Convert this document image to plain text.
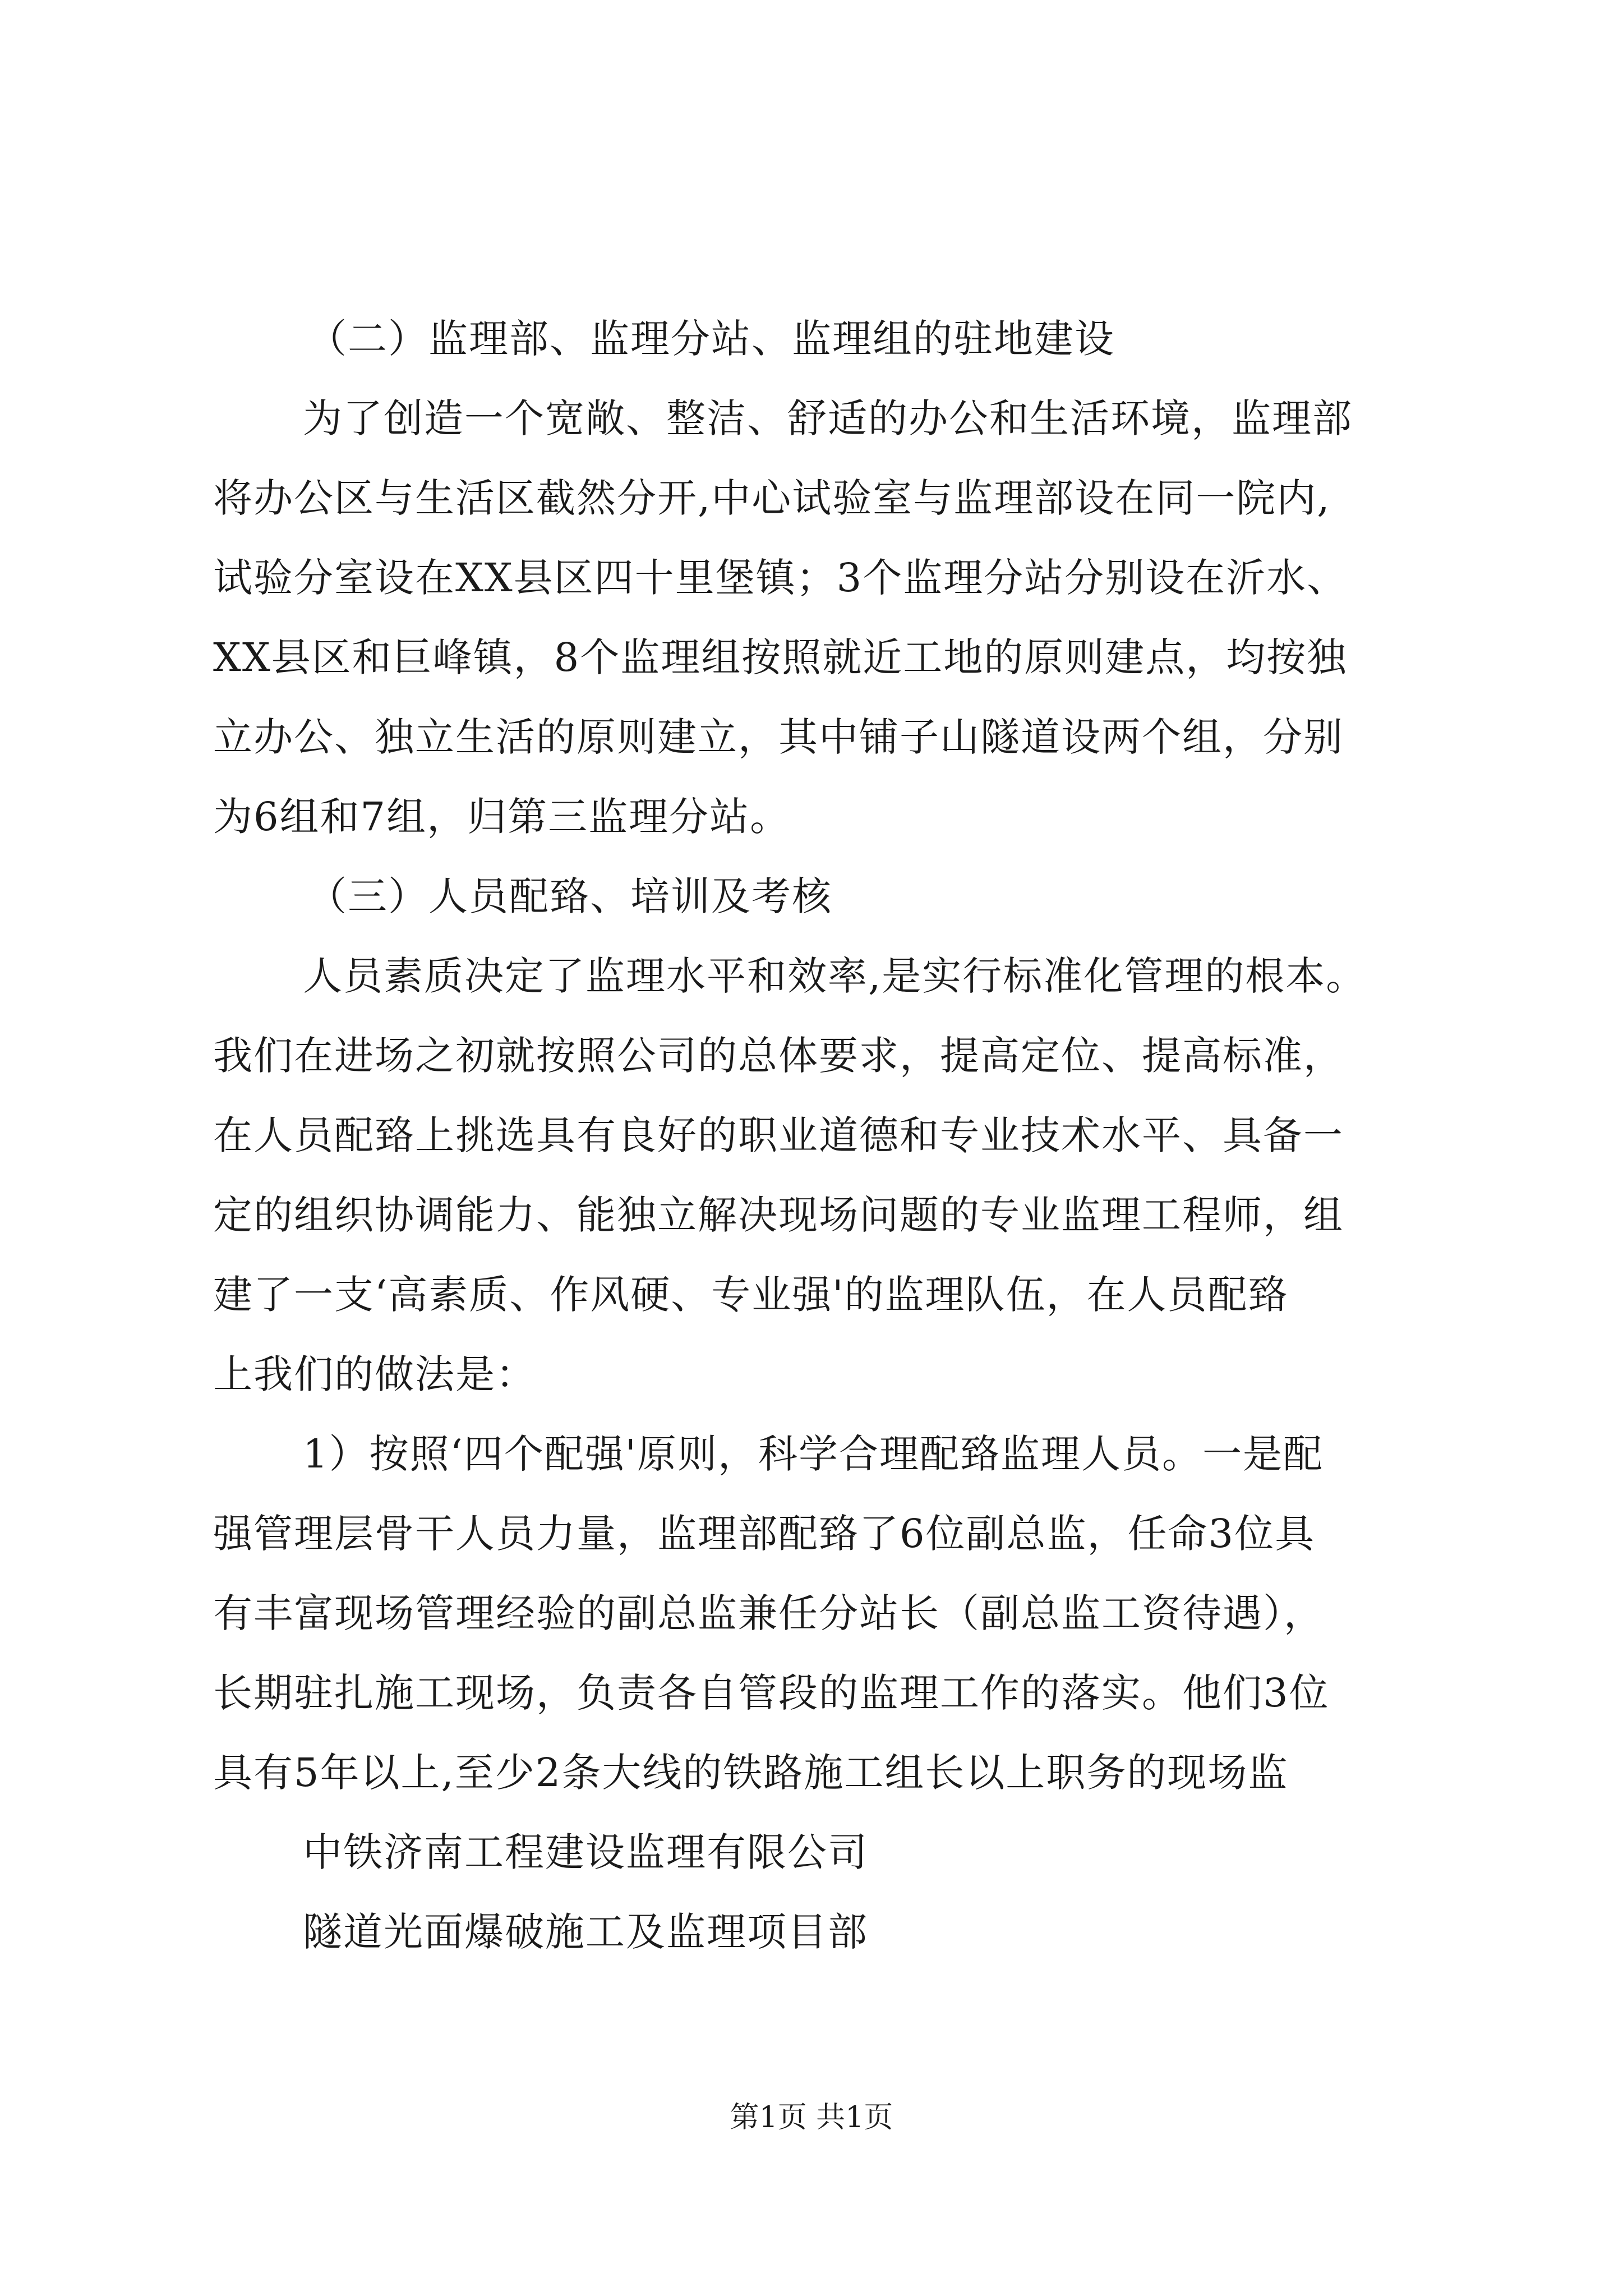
（二）监理部、监理分站、监理组的驻地建设

为了创造一个宽敞、整洁、舒适的办公和生活环境，监理部

将办公区与生活区截然分开,中心试验室与监理部设在同一院内,

试验分室设在XX县区四十里堡镇；3个监理分站分别设在沂水、

XX县区和巨峰镇，8个监理组按照就近工地的原则建点，均按独

立办公、独立生活的原则建立，其中铺子山隧道设两个组，分别

为6组和7组，归第三监理分站。

（三）人员配臵、培训及考核

人员素质决定了监理水平和效率,是实行标准化管理的根本。

我们在进场之初就按照公司的总体要求，提高定位、提高标准，

在人员配臵上挑选具有良好的职业道德和专业技术水平、具备一

定的组织协调能力、能独立解决现场问题的专业监理工程师，组

建了一支‘高素质、作风硬、专业强'的监理队伍，在人员配臵

上我们的做法是：

1）按照‘四个配强'原则，科学合理配臵监理人员。一是配

强管理层骨干人员力量，监理部配臵了6位副总监，任命3位具

有丰富现场管理经验的副总监兼任分站长（副总监工资待遇），

长期驻扎施工现场，负责各自管段的监理工作的落实。他们3位

具有5年以上,至少2条大线的铁路施工组长以上职务的现场监

中铁济南工程建设监理有限公司

隧道光面爆破施工及监理项目部

第1页 共1页
